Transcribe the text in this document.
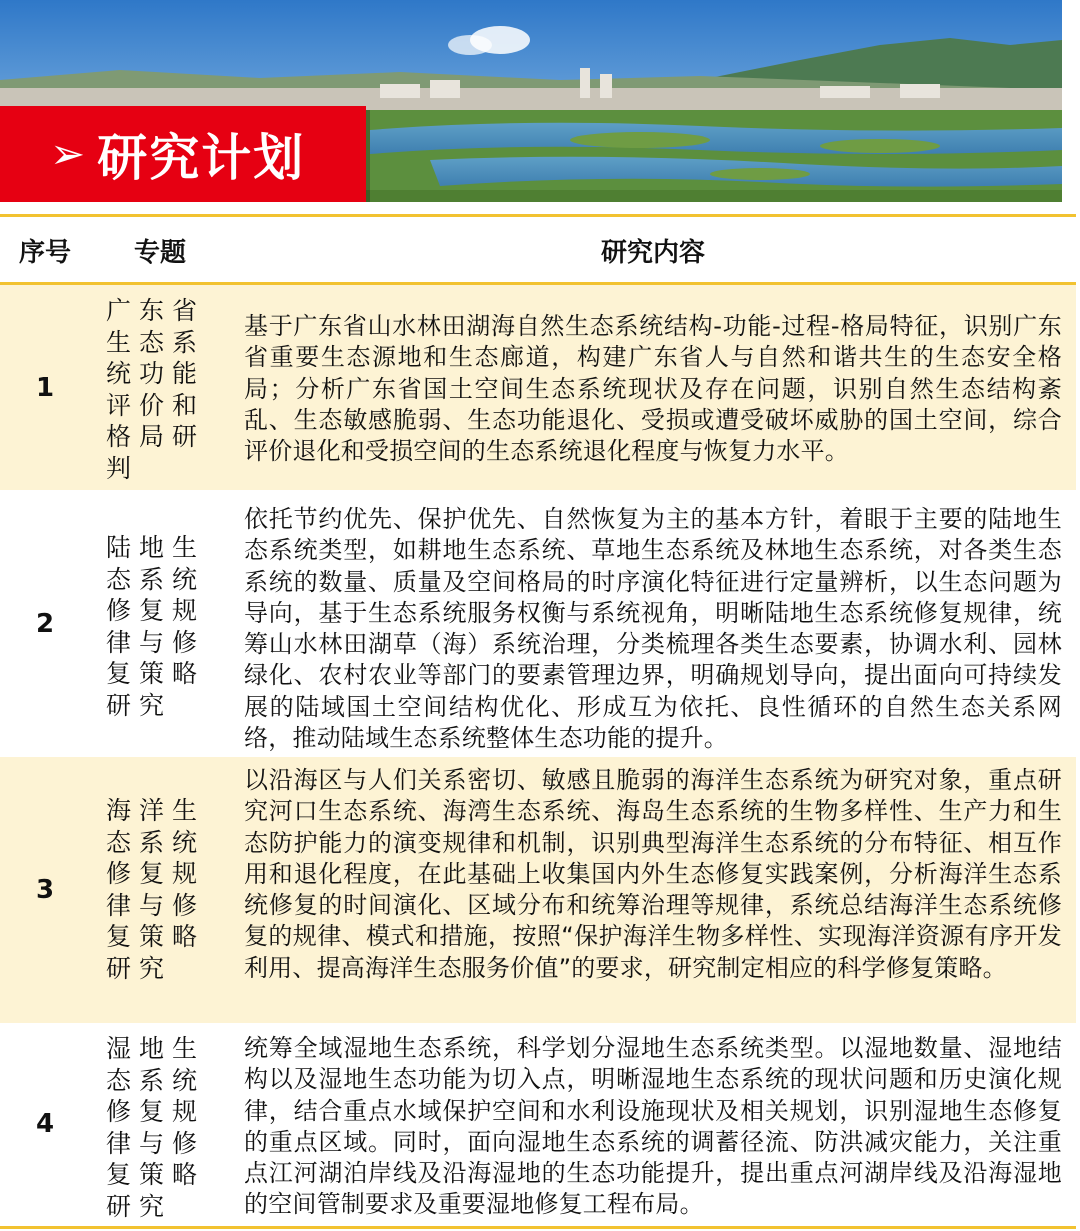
➢ 研究计划
序号	专题	研究内容
1
广东省生态系统功能评价和格局研判
基于广东省山水林田湖海自然生态系统结构-功能-过程-格局特征，识别广东省重要生态源地和生态廊道，构建广东省人与自然和谐共生的生态安全格局；分析广东省国土空间生态系统现状及存在问题，识别自然生态结构紊乱、生态敏感脆弱、生态功能退化、受损或遭受破坏威胁的国土空间，综合评价退化和受损空间的生态系统退化程度与恢复力水平。
2
陆地生态系统修复规律与修复策略研究
依托节约优先、保护优先、自然恢复为主的基本方针，着眼于主要的陆地生态系统类型，如耕地生态系统、草地生态系统及林地生态系统，对各类生态系统的数量、质量及空间格局的时序演化特征进行定量辨析，以生态问题为导向，基于生态系统服务权衡与系统视角，明晰陆地生态系统修复规律，统筹山水林田湖草（海）系统治理，分类梳理各类生态要素，协调水利、园林绿化、农村农业等部门的要素管理边界，明确规划导向，提出面向可持续发展的陆域国土空间结构优化、形成互为依托、良性循环的自然生态关系网络，推动陆域生态系统整体生态功能的提升。
3
海洋生态系统修复规律与修复策略研究
以沿海区与人们关系密切、敏感且脆弱的海洋生态系统为研究对象，重点研究河口生态系统、海湾生态系统、海岛生态系统的生物多样性、生产力和生态防护能力的演变规律和机制，识别典型海洋生态系统的分布特征、相互作用和退化程度，在此基础上收集国内外生态修复实践案例，分析海洋生态系统修复的时间演化、区域分布和统筹治理等规律，系统总结海洋生态系统修复的规律、模式和措施，按照“保护海洋生物多样性、实现海洋资源有序开发利用、提高海洋生态服务价值”的要求，研究制定相应的科学修复策略。
4
湿地生态系统修复规律与修复策略研究
统筹全域湿地生态系统，科学划分湿地生态系统类型。以湿地数量、湿地结构以及湿地生态功能为切入点，明晰湿地生态系统的现状问题和历史演化规律，结合重点水域保护空间和水利设施现状及相关规划，识别湿地生态修复的重点区域。同时，面向湿地生态系统的调蓄径流、防洪减灾能力，关注重点江河湖泊岸线及沿海湿地的生态功能提升，提出重点河湖岸线及沿海湿地的空间管制要求及重要湿地修复工程布局。
